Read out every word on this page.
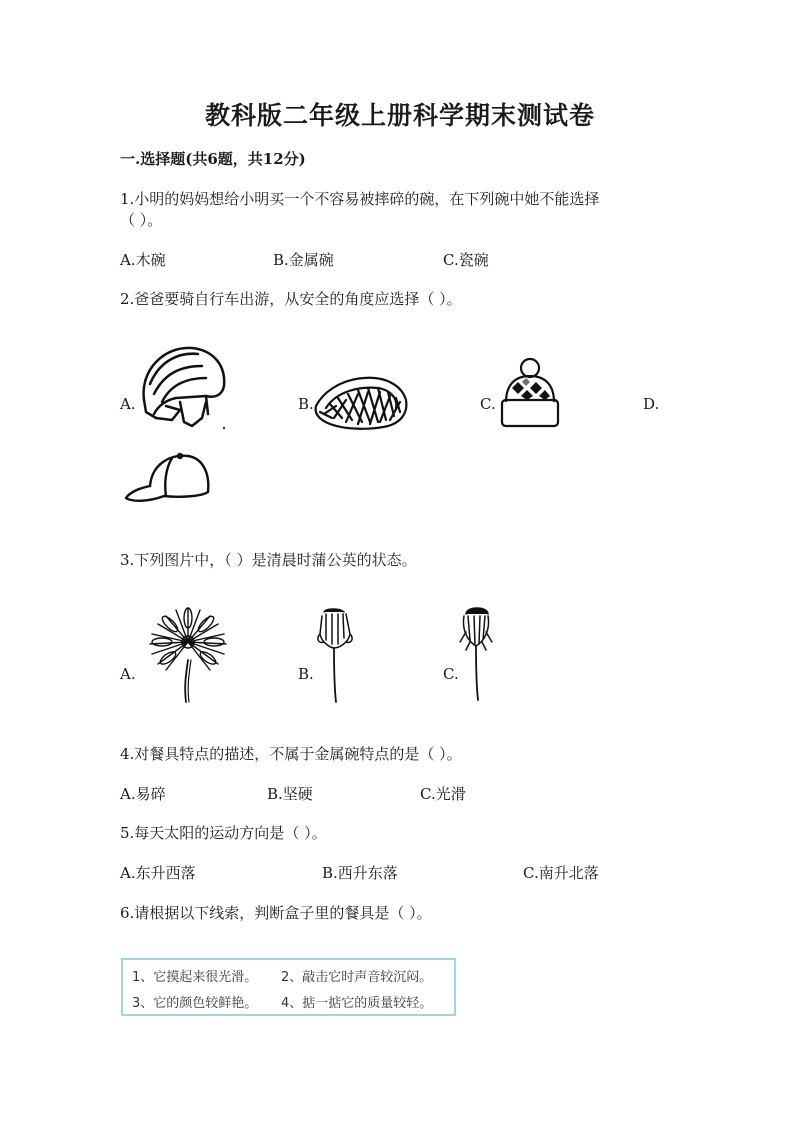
教科版二年级上册科学期末测试卷
一.选择题(共6题，共12分)
1.小明的妈妈想给小明买一个不容易被摔碎的碗，在下列碗中她不能选择
（ ）。
A.木碗	B.金属碗	C.瓷碗
2.爸爸要骑自行车出游，从安全的角度应选择（ ）。
A.	B.	C.	D.
3.下列图片中，（ ）是清晨时蒲公英的状态。
A.	B.	C.
4.对餐具特点的描述，不属于金属碗特点的是（ ）。
A.易碎	B.坚硬	C.光滑
5.每天太阳的运动方向是（ ）。
A.东升西落	B.西升东落	C.南升北落
6.请根据以下线索，判断盒子里的餐具是（ ）。
1、它摸起来很光滑。 2、敲击它时声音较沉闷。
3、它的颜色较鲜艳。 4、掂一掂它的质量较轻。
